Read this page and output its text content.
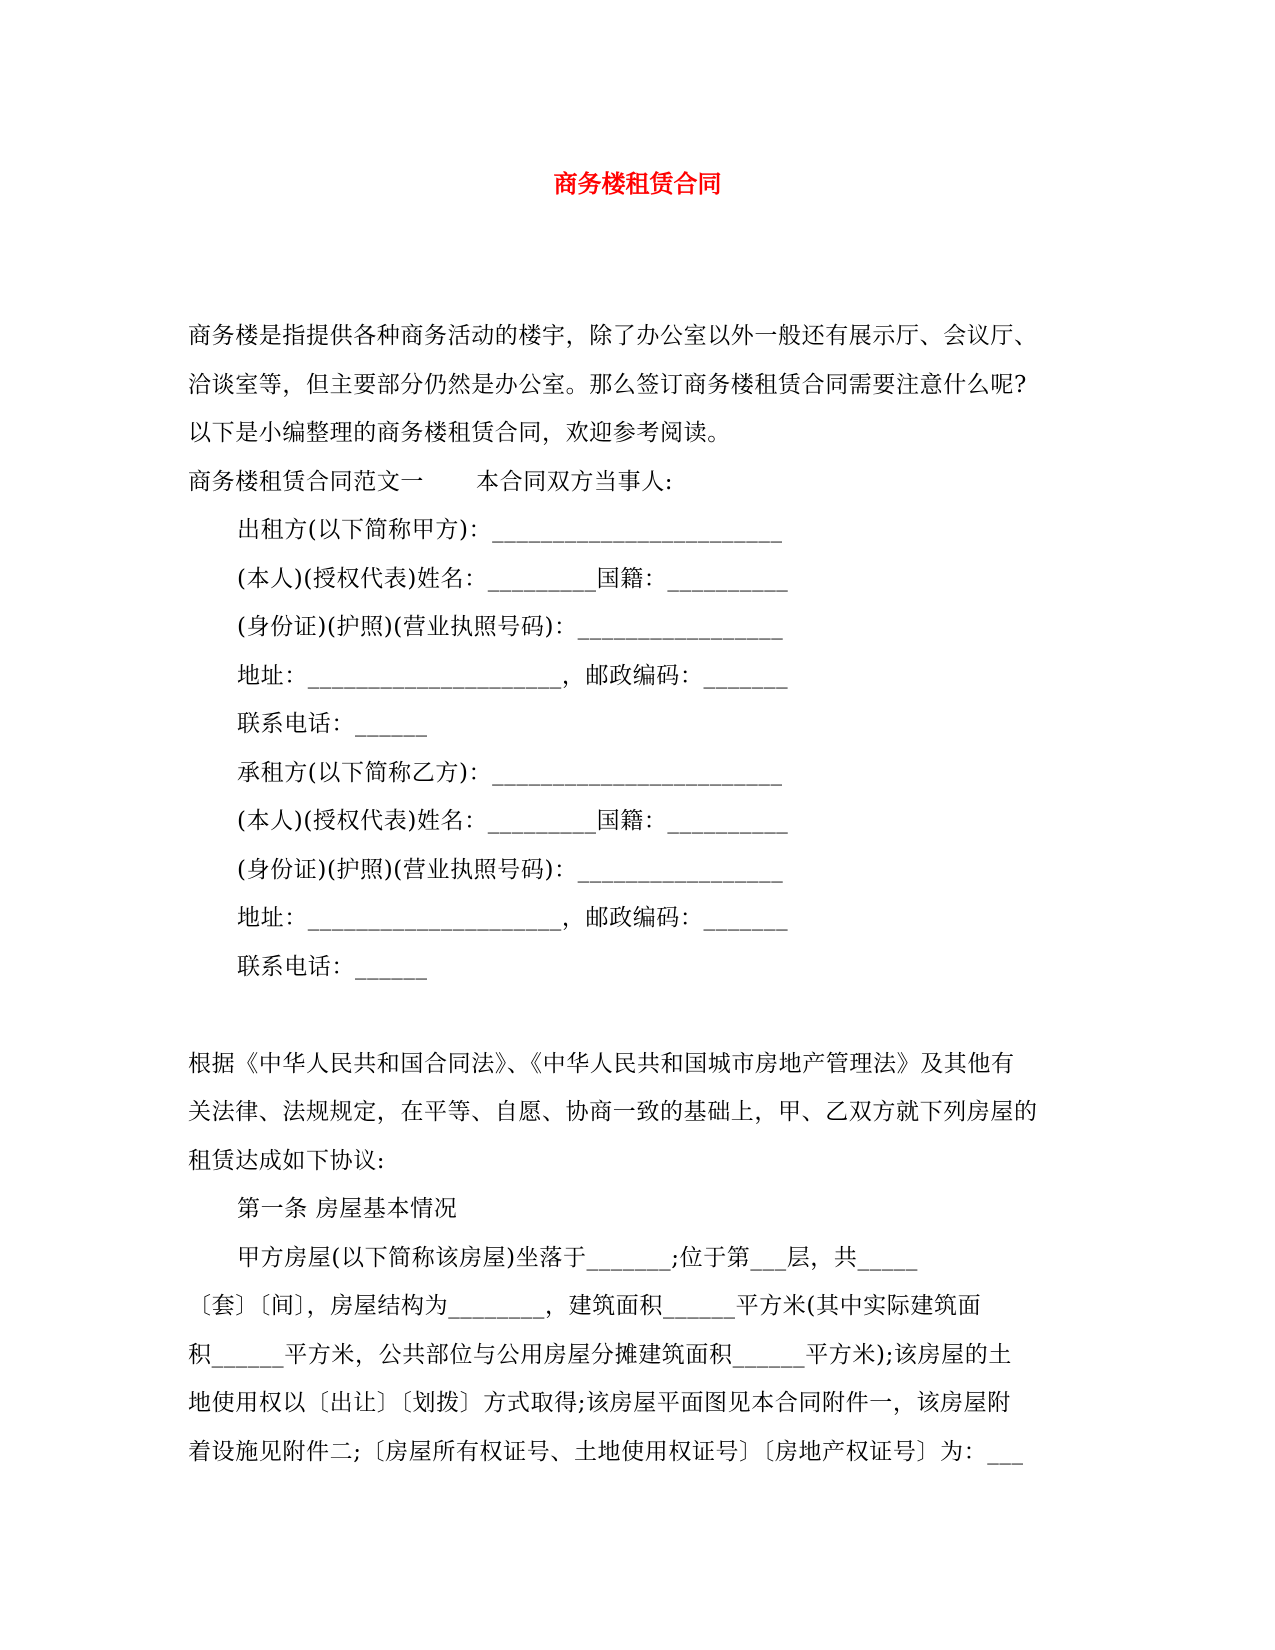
商务楼租赁合同

商务楼是指提供各种商务活动的楼宇，除了办公室以外一般还有展示厅、会议厅、

洽谈室等，但主要部分仍然是办公室。那么签订商务楼租赁合同需要注意什么呢?

以下是小编整理的商务楼租赁合同，欢迎参考阅读。

商务楼租赁合同范文一 本合同双方当事人:

出租方(以下简称甲方)：________________________

(本人)(授权代表)姓名：_________国籍：__________

(身份证)(护照)(营业执照号码)：_________________

地址：_____________________，邮政编码：_______

联系电话：______

承租方(以下简称乙方)：________________________

(本人)(授权代表)姓名：_________国籍：__________

(身份证)(护照)(营业执照号码)：_________________

地址：_____________________，邮政编码：_______

联系电话：______

根据《中华人民共和国合同法》、《中华人民共和国城市房地产管理法》及其他有

关法律、法规规定，在平等、自愿、协商一致的基础上，甲、乙双方就下列房屋的

租赁达成如下协议:

第一条 房屋基本情况

甲方房屋(以下简称该房屋)坐落于_______;位于第___层，共_____

〔套〕〔间〕，房屋结构为________，建筑面积______平方米(其中实际建筑面

积______平方米，公共部位与公用房屋分摊建筑面积______平方米);该房屋的土

地使用权以〔出让〕〔划拨〕方式取得;该房屋平面图见本合同附件一，该房屋附

着设施见附件二;〔房屋所有权证号、土地使用权证号〕〔房地产权证号〕为：___
